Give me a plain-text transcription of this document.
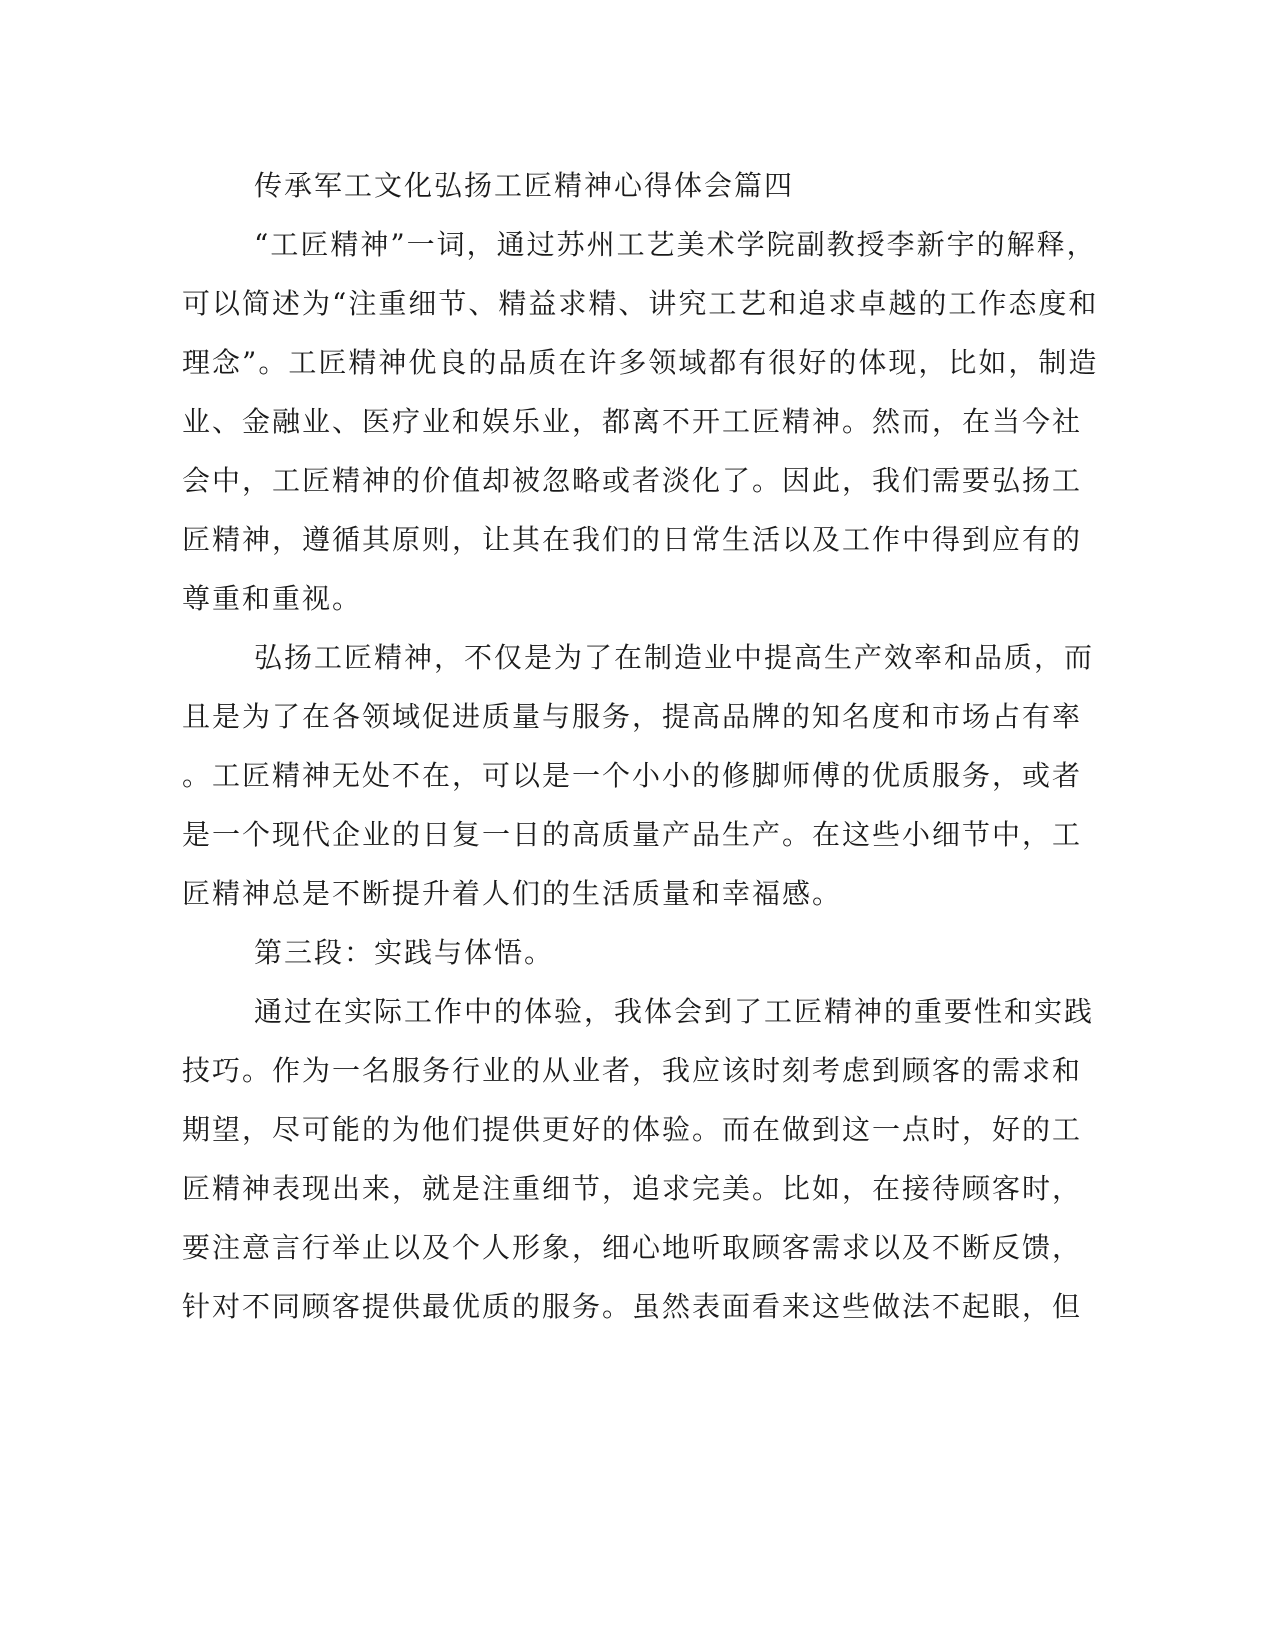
传承军工文化弘扬工匠精神心得体会篇四
“工匠精神”一词，通过苏州工艺美术学院副教授李新宇的解释，
可以简述为“注重细节、精益求精、讲究工艺和追求卓越的工作态度和
理念”。工匠精神优良的品质在许多领域都有很好的体现，比如，制造
业、金融业、医疗业和娱乐业，都离不开工匠精神。然而，在当今社
会中，工匠精神的价值却被忽略或者淡化了。因此，我们需要弘扬工
匠精神，遵循其原则，让其在我们的日常生活以及工作中得到应有的
尊重和重视。
弘扬工匠精神，不仅是为了在制造业中提高生产效率和品质，而
且是为了在各领域促进质量与服务，提高品牌的知名度和市场占有率
。工匠精神无处不在，可以是一个小小的修脚师傅的优质服务，或者
是一个现代企业的日复一日的高质量产品生产。在这些小细节中，工
匠精神总是不断提升着人们的生活质量和幸福感。
第三段：实践与体悟。
通过在实际工作中的体验，我体会到了工匠精神的重要性和实践
技巧。作为一名服务行业的从业者，我应该时刻考虑到顾客的需求和
期望，尽可能的为他们提供更好的体验。而在做到这一点时，好的工
匠精神表现出来，就是注重细节，追求完美。比如，在接待顾客时，
要注意言行举止以及个人形象，细心地听取顾客需求以及不断反馈，
针对不同顾客提供最优质的服务。虽然表面看来这些做法不起眼，但
